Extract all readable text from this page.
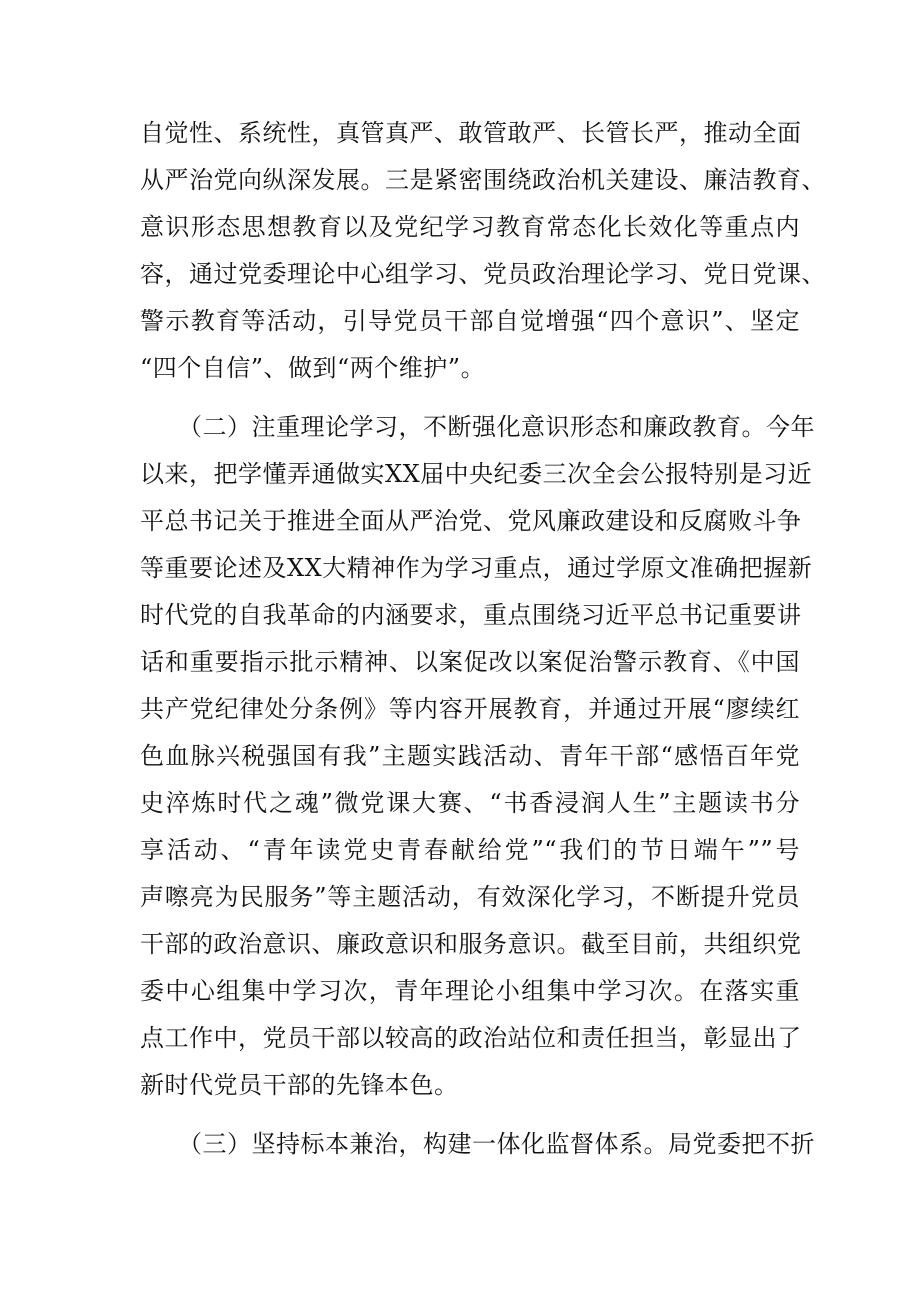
自觉性、系统性，真管真严、敢管敢严、长管长严，推动全面
从严治党向纵深发展。三是紧密围绕政治机关建设、廉洁教育、
意识形态思想教育以及党纪学习教育常态化长效化等重点内
容，通过党委理论中心组学习、党员政治理论学习、党日党课、
警示教育等活动，引导党员干部自觉增强“四个意识”、坚定
“四个自信”、做到“两个维护”。
（二）注重理论学习，不断强化意识形态和廉政教育。今年
以来，把学懂弄通做实XX届中央纪委三次全会公报特别是习近
平总书记关于推进全面从严治党、党风廉政建设和反腐败斗争
等重要论述及XX大精神作为学习重点，通过学原文准确把握新
时代党的自我革命的内涵要求，重点围绕习近平总书记重要讲
话和重要指示批示精神、以案促改以案促治警示教育、《中国
共产党纪律处分条例》等内容开展教育，并通过开展“廖续红
色血脉兴税强国有我”主题实践活动、青年干部“感悟百年党
史淬炼时代之魂”微党课大赛、“书香浸润人生”主题读书分
享活动、“青年读党史青春献给党”“我们的节日端午””号
声嚓亮为民服务”等主题活动，有效深化学习，不断提升党员
干部的政治意识、廉政意识和服务意识。截至目前，共组织党
委中心组集中学习次，青年理论小组集中学习次。在落实重
点工作中，党员干部以较高的政治站位和责任担当，彰显出了
新时代党员干部的先锋本色。
（三）坚持标本兼治，构建一体化监督体系。局党委把不折
